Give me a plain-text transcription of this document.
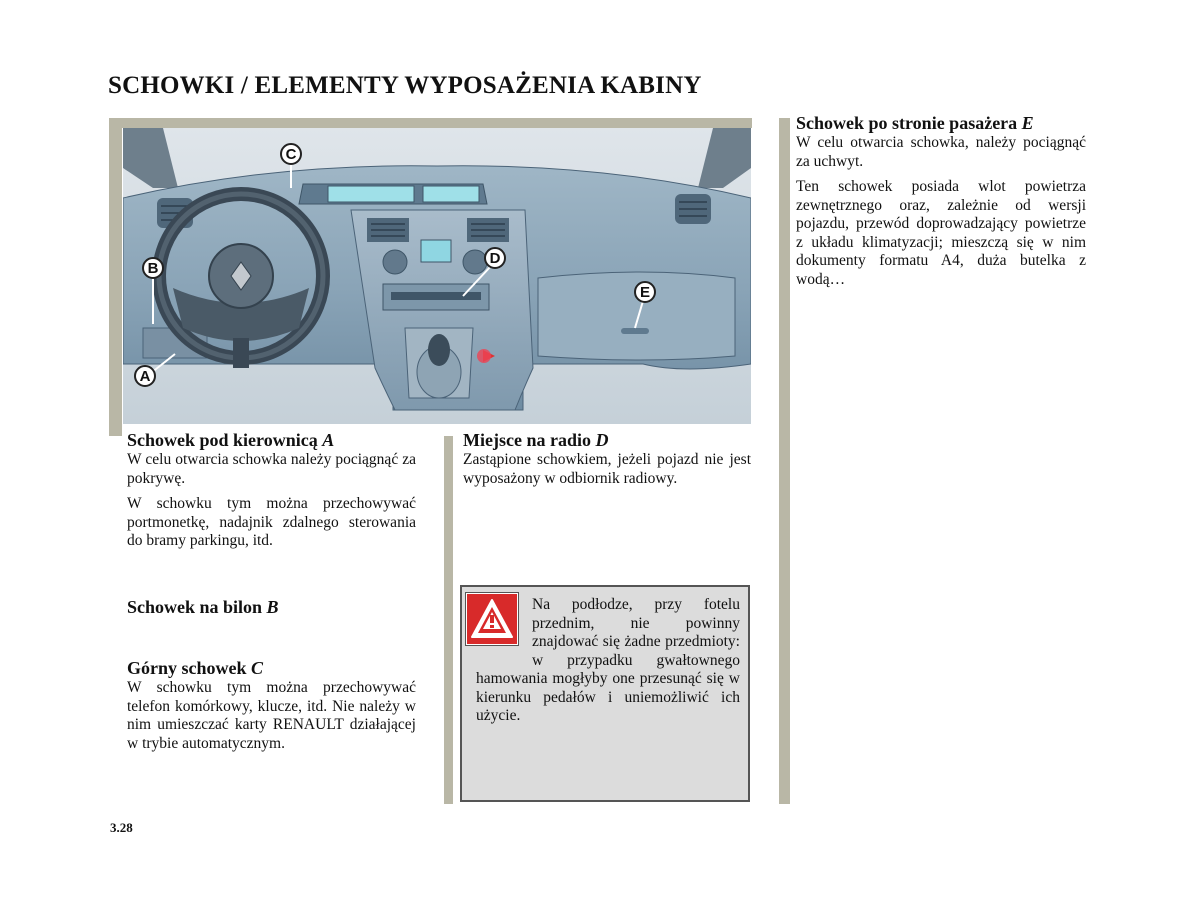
SCHOWKI / ELEMENTY WYPOSAŻENIA KABINY
C
B
D
E
A
Schowek pod kierownicą A

W celu otwarcia schowka należy pociągnąć za pokrywę.

W schowku tym można przechowywać portmonetkę, nadajnik zdalnego sterowania do bramy parkingu, itd.

Schowek na bilon B
Górny schowek C

W schowku tym można przechowywać telefon komórkowy, klucze, itd. Nie należy w nim umieszczać karty RENAULT działającej w trybie automatycznym.

Miejsce na radio D

Zastąpione schowkiem, jeżeli pojazd nie jest wyposażony w odbiornik radiowy.

Na podłodze, przy fotelu przednim, nie powinny znajdować się żadne przedmioty: w przypadku gwałtownego hamowania mogłyby one przesunąć się w kierunku pedałów i uniemożliwić ich użycie.

Schowek po stronie pasażera E

W celu otwarcia schowka, należy pociągnąć za uchwyt.

Ten schowek posiada wlot powietrza zewnętrznego oraz, zależnie od wersji pojazdu, przewód doprowadzający powietrze z układu klimatyzacji; mieszczą się w nim dokumenty formatu A4, duża butelka z wodą…

3.28
